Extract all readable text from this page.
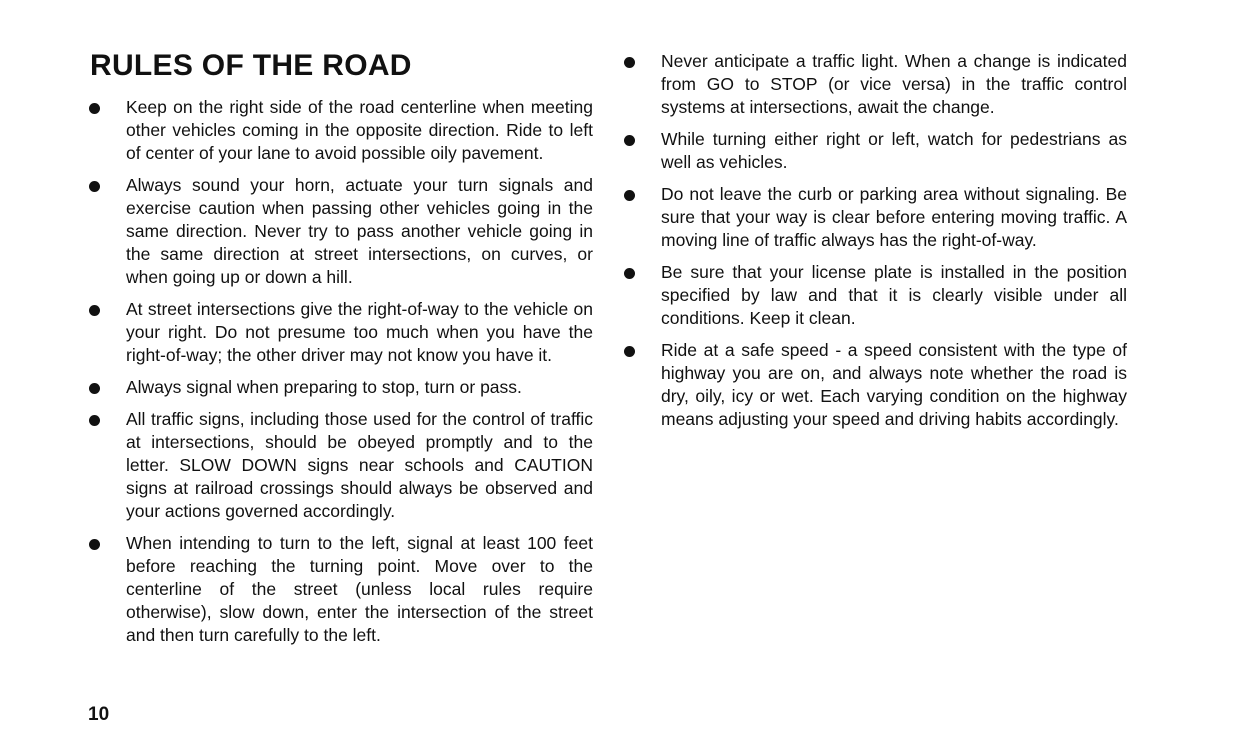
RULES OF THE ROAD
Keep on the right side of the road centerline when meeting other vehicles coming in the opposite direction. Ride to left of center of your lane to avoid possible oily pavement.
Always sound your horn, actuate your turn signals and exercise caution when passing other vehicles going in the same direction. Never try to pass another vehicle going in the same direction at street intersections, on curves, or when going up or down a hill.
At street intersections give the right-of-way to the vehicle on your right. Do not presume too much when you have the right-of-way; the other driver may not know you have it.
Always signal when preparing to stop, turn or pass.
All traffic signs, including those used for the control of traffic at intersections, should be obeyed promptly and to the letter. SLOW DOWN signs near schools and CAUTION signs at railroad crossings should always be observed and your actions governed accordingly.
When intending to turn to the left, signal at least 100 feet before reaching the turning point. Move over to the centerline of the street (unless local rules require otherwise), slow down, enter the intersection of the street and then turn carefully to the left.
Never anticipate a traffic light. When a change is indicated from GO to STOP (or vice versa) in the traffic control systems at intersections, await the change.
While turning either right or left, watch for pedestrians as well as vehicles.
Do not leave the curb or parking area without signaling. Be sure that your way is clear before entering moving traffic. A moving line of traffic always has the right-of-way.
Be sure that your license plate is installed in the position specified by law and that it is clearly visible under all conditions. Keep it clean.
Ride at a safe speed - a speed consistent with the type of highway you are on, and always note whether the road is dry, oily, icy or wet. Each varying condition on the highway means adjusting your speed and driving habits accordingly.
10
